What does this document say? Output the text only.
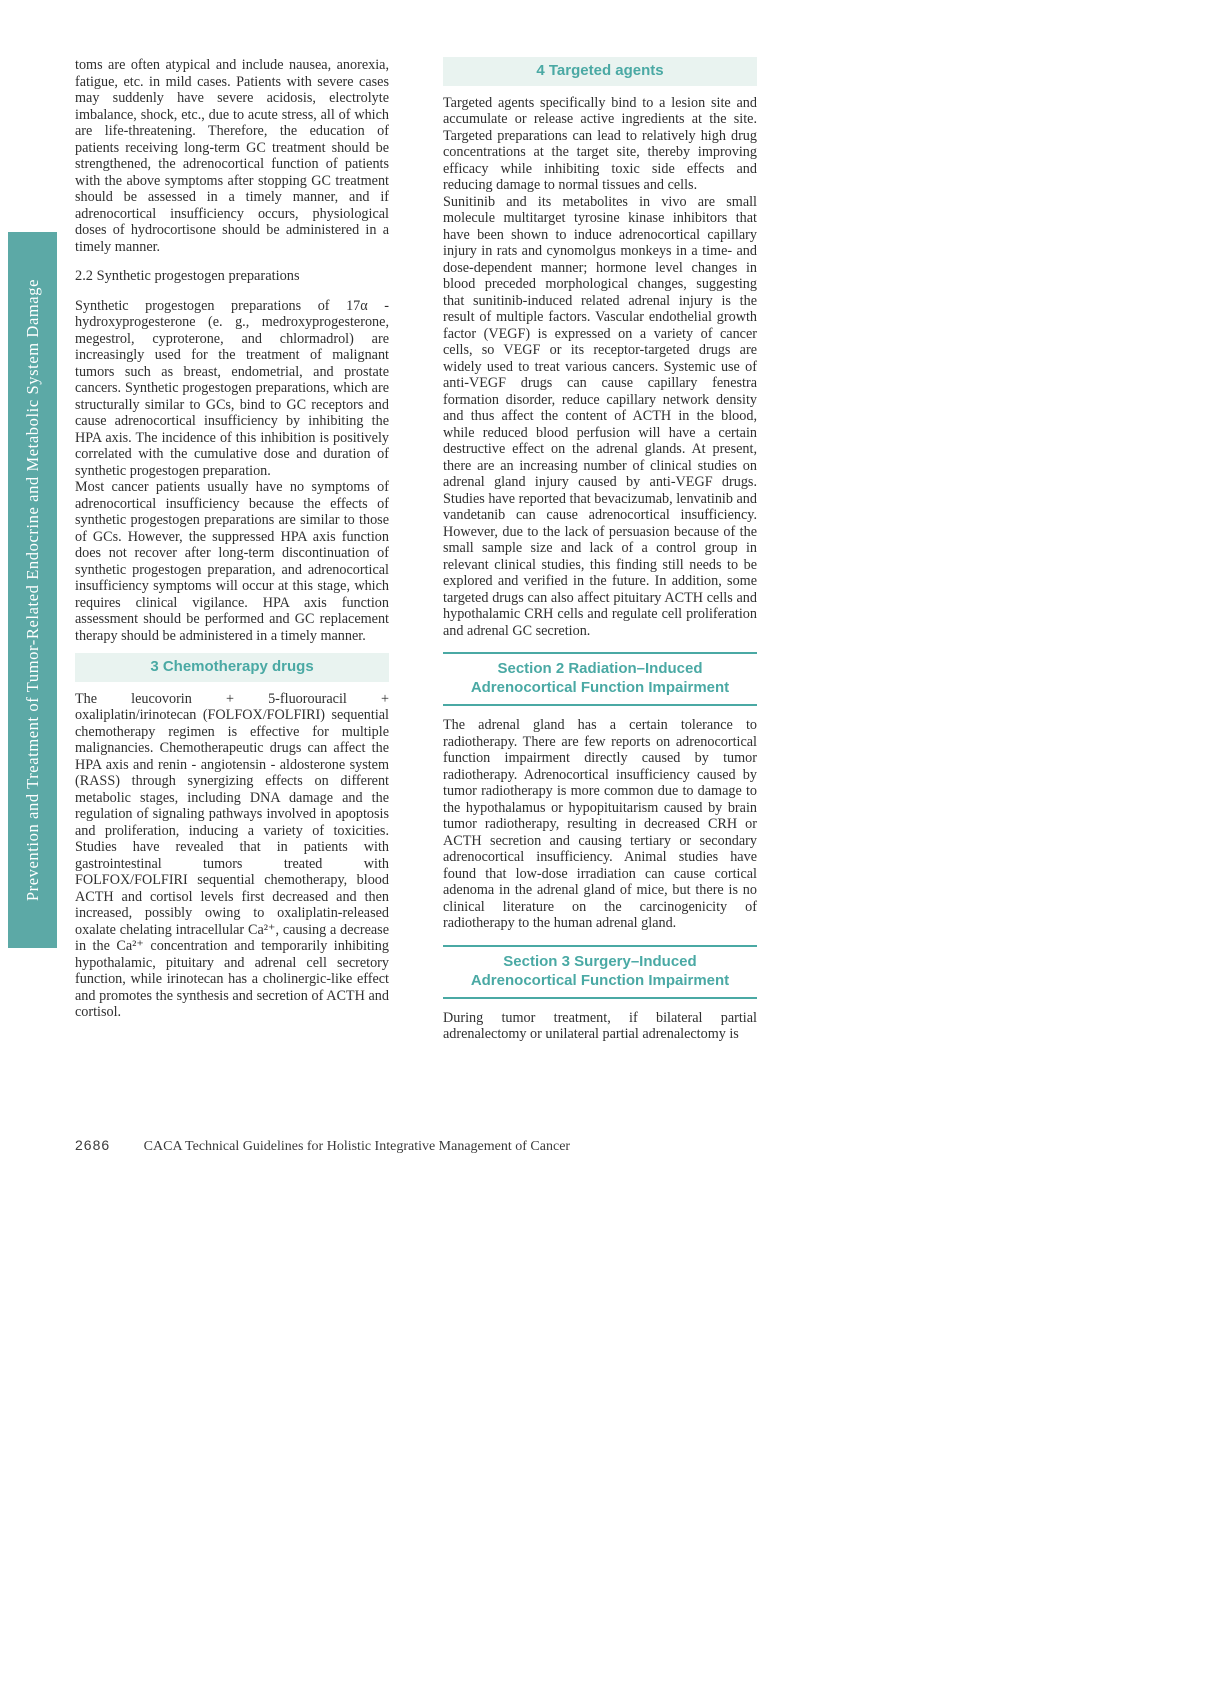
Prevention and Treatment of Tumor-Related Endocrine and Metabolic System Damage

toms are often atypical and include nausea, anorexia, fatigue, etc. in mild cases. Patients with severe cases may suddenly have severe acidosis, electrolyte imbalance, shock, etc., due to acute stress, all of which are life-threatening. Therefore, the education of patients receiving long-term GC treatment should be strengthened, the adrenocortical function of patients with the above symptoms after stopping GC treatment should be assessed in a timely manner, and if adrenocortical insufficiency occurs, physiological doses of hydrocortisone should be administered in a timely manner.

2.2 Synthetic progestogen preparations

Synthetic progestogen preparations of 17α - hydroxyprogesterone (e. g., medroxyprogesterone, megestrol, cyproterone, and chlormadrol) are increasingly used for the treatment of malignant tumors such as breast, endometrial, and prostate cancers. Synthetic progestogen preparations, which are structurally similar to GCs, bind to GC receptors and cause adrenocortical insufficiency by inhibiting the HPA axis. The incidence of this inhibition is positively correlated with the cumulative dose and duration of synthetic progestogen preparation.

Most cancer patients usually have no symptoms of adrenocortical insufficiency because the effects of synthetic progestogen preparations are similar to those of GCs. However, the suppressed HPA axis function does not recover after long-term discontinuation of synthetic progestogen preparation, and adrenocortical insufficiency symptoms will occur at this stage, which requires clinical vigilance. HPA axis function assessment should be performed and GC replacement therapy should be administered in a timely manner.

3 Chemotherapy drugs

The leucovorin + 5-fluorouracil + oxaliplatin/irinotecan (FOLFOX/FOLFIRI) sequential chemotherapy regimen is effective for multiple malignancies. Chemotherapeutic drugs can affect the HPA axis and renin - angiotensin - aldosterone system (RASS) through synergizing effects on different metabolic stages, including DNA damage and the regulation of signaling pathways involved in apoptosis and proliferation, inducing a variety of toxicities. Studies have revealed that in patients with gastrointestinal tumors treated with FOLFOX/FOLFIRI sequential chemotherapy, blood ACTH and cortisol levels first decreased and then increased, possibly owing to oxaliplatin-released oxalate chelating intracellular Ca²⁺, causing a decrease in the Ca²⁺ concentration and temporarily inhibiting hypothalamic, pituitary and adrenal cell secretory function, while irinotecan has a cholinergic-like effect and promotes the synthesis and secretion of ACTH and cortisol.

4 Targeted agents

Targeted agents specifically bind to a lesion site and accumulate or release active ingredients at the site. Targeted preparations can lead to relatively high drug concentrations at the target site, thereby improving efficacy while inhibiting toxic side effects and reducing damage to normal tissues and cells.

Sunitinib and its metabolites in vivo are small molecule multitarget tyrosine kinase inhibitors that have been shown to induce adrenocortical capillary injury in rats and cynomolgus monkeys in a time- and dose-dependent manner; hormone level changes in blood preceded morphological changes, suggesting that sunitinib-induced related adrenal injury is the result of multiple factors. Vascular endothelial growth factor (VEGF) is expressed on a variety of cancer cells, so VEGF or its receptor-targeted drugs are widely used to treat various cancers. Systemic use of anti-VEGF drugs can cause capillary fenestra formation disorder, reduce capillary network density and thus affect the content of ACTH in the blood, while reduced blood perfusion will have a certain destructive effect on the adrenal glands. At present, there are an increasing number of clinical studies on adrenal gland injury caused by anti-VEGF drugs. Studies have reported that bevacizumab, lenvatinib and vandetanib can cause adrenocortical insufficiency. However, due to the lack of persuasion because of the small sample size and lack of a control group in relevant clinical studies, this finding still needs to be explored and verified in the future. In addition, some targeted drugs can also affect pituitary ACTH cells and hypothalamic CRH cells and regulate cell proliferation and adrenal GC secretion.

Section 2 Radiation–Induced Adrenocortical Function Impairment

The adrenal gland has a certain tolerance to radiotherapy. There are few reports on adrenocortical function impairment directly caused by tumor radiotherapy. Adrenocortical insufficiency caused by tumor radiotherapy is more common due to damage to the hypothalamus or hypopituitarism caused by brain tumor radiotherapy, resulting in decreased CRH or ACTH secretion and causing tertiary or secondary adrenocortical insufficiency. Animal studies have found that low-dose irradiation can cause cortical adenoma in the adrenal gland of mice, but there is no clinical literature on the carcinogenicity of radiotherapy to the human adrenal gland.

Section 3 Surgery–Induced Adrenocortical Function Impairment

During tumor treatment, if bilateral partial adrenalectomy or unilateral partial adrenalectomy is

2686 CACA Technical Guidelines for Holistic Integrative Management of Cancer
